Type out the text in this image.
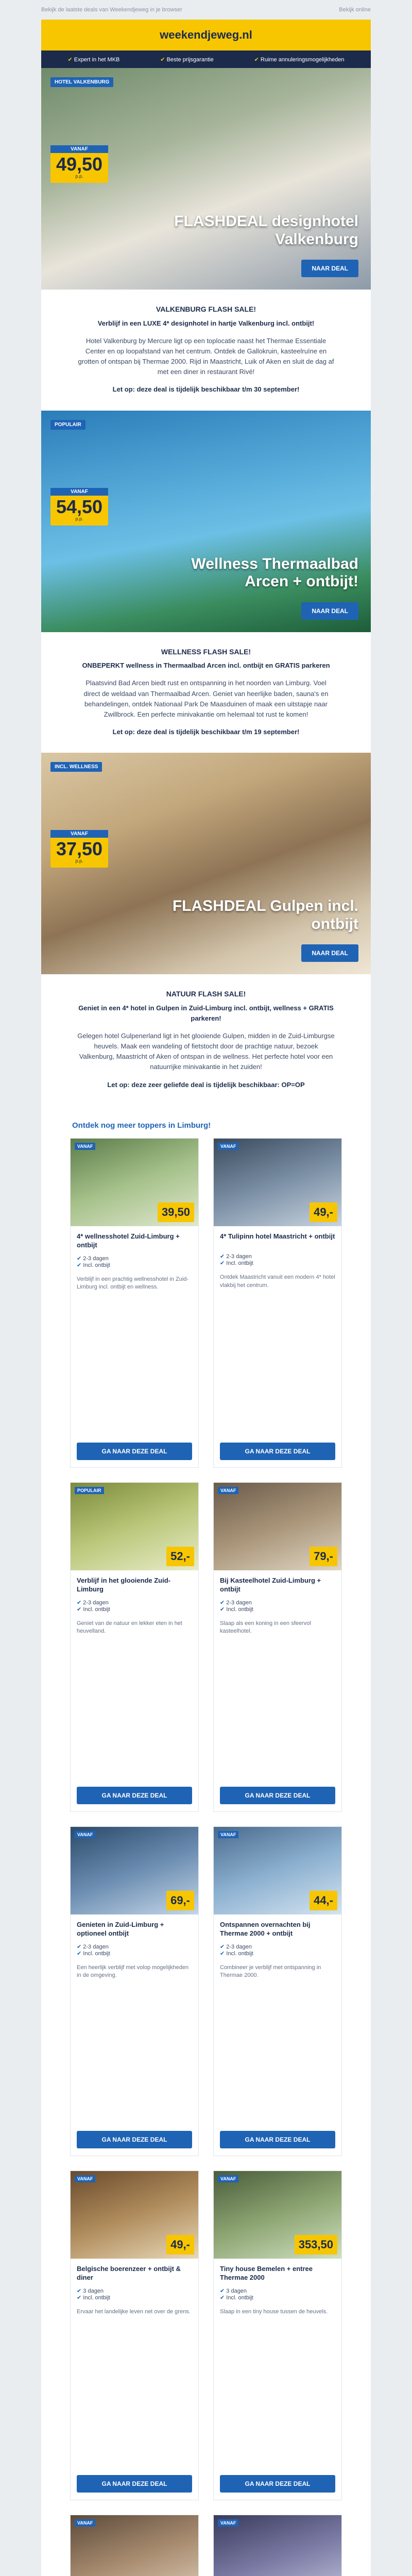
Bekijk de laatste deals van Weekendjeweg in je browser	Bekijk online
weekendjeweg.nl
✔ Expert in het MKB	✔ Beste prijsgarantie	✔ Ruime annuleringsmogelijkheden
HOTEL VALKENBURG
VANAF
49,50
p.p.
FLASHDEAL designhotel Valkenburg
NAAR DEAL
VALKENBURG FLASH SALE!
Verblijf in een LUXE 4* designhotel in hartje Valkenburg incl. ontbijt!

Hotel Valkenburg by Mercure ligt op een toplocatie naast het Thermae Essentiale Center en op loopafstand van het centrum. Ontdek de Gallokruin, kasteelruïne en grotten of ontspan bij Thermae 2000. Rijd in Maastricht, Luik of Aken en sluit de dag af met een diner in restaurant Rivé!

Let op: deze deal is tijdelijk beschikbaar t/m 30 september!
POPULAIR
VANAF
54,50
p.p.
Wellness Thermaalbad Arcen + ontbijt!
NAAR DEAL
WELLNESS FLASH SALE!
ONBEPERKT wellness in Thermaalbad Arcen incl. ontbijt en GRATIS parkeren

Plaatsvind Bad Arcen biedt rust en ontspanning in het noorden van Limburg. Voel direct de weldaad van Thermaalbad Arcen. Geniet van heerlijke baden, sauna's en behandelingen, ontdek Nationaal Park De Maasduinen of maak een uitstapje naar Zwillbrock. Een perfecte minivakantie om helemaal tot rust te komen!

Let op: deze deal is tijdelijk beschikbaar t/m 19 september!
INCL. WELLNESS
VANAF
37,50
p.p.
FLASHDEAL Gulpen incl. ontbijt
NAAR DEAL
NATUUR FLASH SALE!
Geniet in een 4* hotel in Gulpen in Zuid-Limburg incl. ontbijt, wellness + GRATIS parkeren!

Gelegen hotel Gulpenerland ligt in het glooiende Gulpen, midden in de Zuid-Limburgse heuvels. Maak een wandeling of fietstocht door de prachtige natuur, bezoek Valkenburg, Maastricht of Aken of ontspan in de wellness. Het perfecte hotel voor een natuurrijke minivakantie in het zuiden!

Let op: deze zeer geliefde deal is tijdelijk beschikbaar: OP=OP
Ontdek nog meer toppers in Limburg!
VANAF
39,50
4* wellnesshotel Zuid-Limburg + ontbijt
✔ 2-3 dagen
✔ Incl. ontbijt
Verblijf in een prachtig wellnesshotel in Zuid-Limburg incl. ontbijt en wellness.
GA NAAR DEZE DEAL
VANAF
49,-
4* Tulipinn hotel Maastricht + ontbijt
✔ 2-3 dagen
✔ Incl. ontbijt
Ontdek Maastricht vanuit een modern 4* hotel vlakbij het centrum.
GA NAAR DEZE DEAL
POPULAIR
52,-
Verblijf in het glooiende Zuid-Limburg
✔ 2-3 dagen
✔ Incl. ontbijt
Geniet van de natuur en lekker eten in het heuvelland.
GA NAAR DEZE DEAL
VANAF
79,-
Bij Kasteelhotel Zuid-Limburg + ontbijt
✔ 2-3 dagen
✔ Incl. ontbijt
Slaap als een koning in een sfeervol kasteelhotel.
GA NAAR DEZE DEAL
VANAF
69,-
Genieten in Zuid-Limburg + optioneel ontbijt
✔ 2-3 dagen
✔ Incl. ontbijt
Een heerlijk verblijf met volop mogelijkheden in de omgeving.
GA NAAR DEZE DEAL
VANAF
44,-
Ontspannen overnachten bij Thermae 2000 + ontbijt
✔ 2-3 dagen
✔ Incl. ontbijt
Combineer je verblijf met ontspanning in Thermae 2000.
GA NAAR DEZE DEAL
VANAF
49,-
Belgische boerenzeer + ontbijt & diner
✔ 3 dagen
✔ Incl. ontbijt
Ervaar het landelijke leven net over de grens.
GA NAAR DEZE DEAL
VANAF
353,50
Tiny house Bemelen + entree Thermae 2000
✔ 3 dagen
✔ Incl. ontbijt
Slaap in een tiny house tussen de heuvels.
GA NAAR DEZE DEAL
VANAF	VANAF
